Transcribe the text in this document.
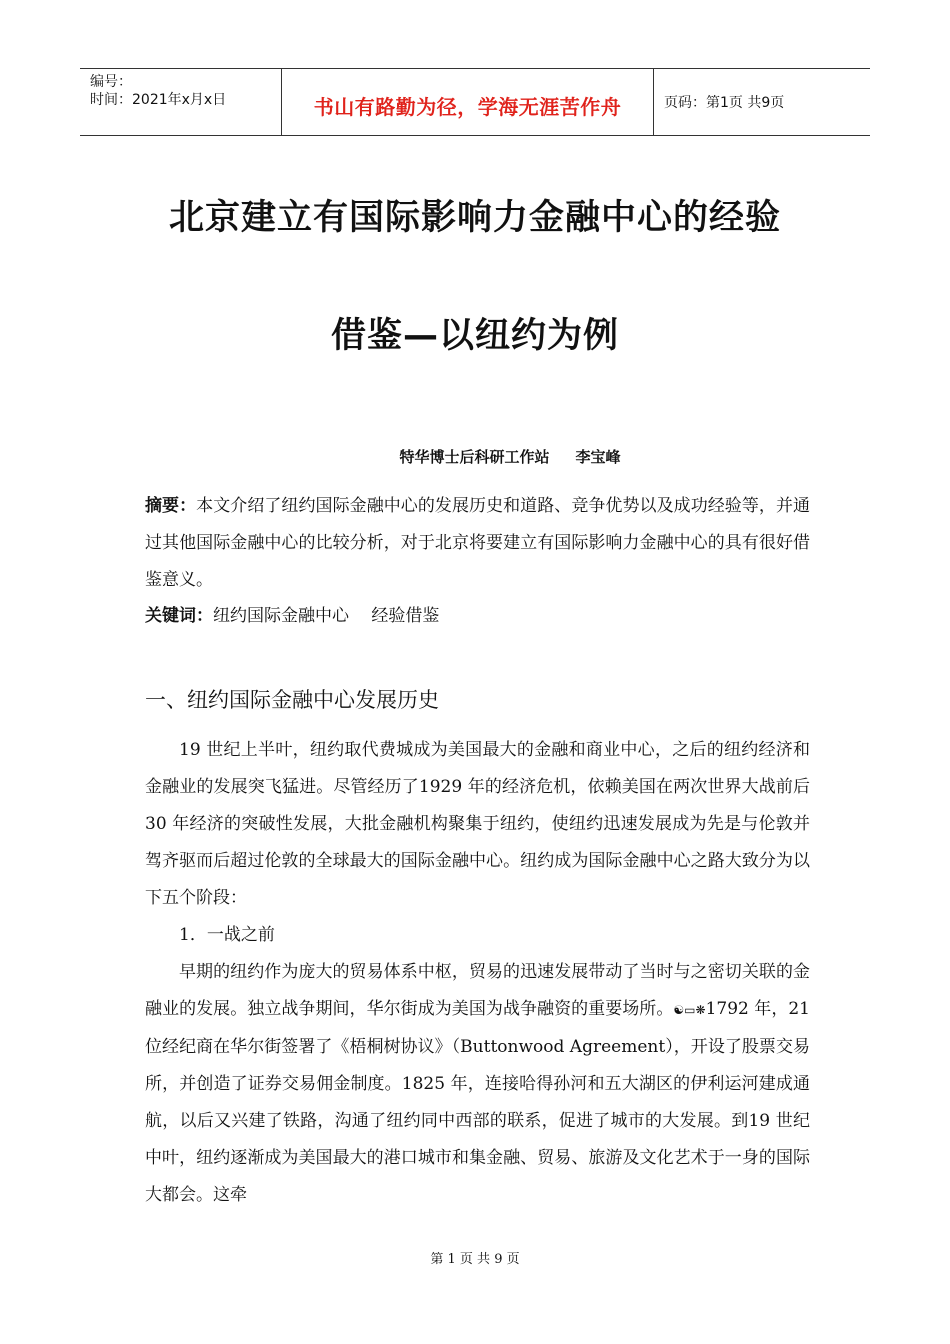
编号：
时间：2021年x月x日	书山有路勤为径，学海无涯苦作舟	页码：第1页 共9页
北京建立有国际影响力金融中心的经验
借鉴—以纽约为例
特华博士后科研工作站 李宝峰
摘要：本文介绍了纽约国际金融中心的发展历史和道路、竞争优势以及成功经验等，并通过其他国际金融中心的比较分析，对于北京将要建立有国际影响力金融中心的具有很好借鉴意义。
关键词：纽约国际金融中心　 经验借鉴
一、纽约国际金融中心发展历史
19 世纪上半叶，纽约取代费城成为美国最大的金融和商业中心，之后的纽约经济和金融业的发展突飞猛进。尽管经历了1929 年的经济危机，依赖美国在两次世界大战前后30 年经济的突破性发展，大批金融机构聚集于纽约，使纽约迅速发展成为先是与伦敦并驾齐驱而后超过伦敦的全球最大的国际金融中心。纽约成为国际金融中心之路大致分为以下五个阶段：
1．一战之前
早期的纽约作为庞大的贸易体系中枢，贸易的迅速发展带动了当时与之密切关联的金融业的发展。独立战争期间，华尔街成为美国为战争融资的重要场所。☯▭❋1792 年，21 位经纪商在华尔街签署了《梧桐树协议》（Buttonwood Agreement），开设了股票交易所，并创造了证券交易佣金制度。1825 年，连接哈得孙河和五大湖区的伊利运河建成通航，以后又兴建了铁路，沟通了纽约同中西部的联系，促进了城市的大发展。到19 世纪中叶，纽约逐渐成为美国最大的港口城市和集金融、贸易、旅游及文化艺术于一身的国际大都会。这牵
第 1 页 共 9 页
